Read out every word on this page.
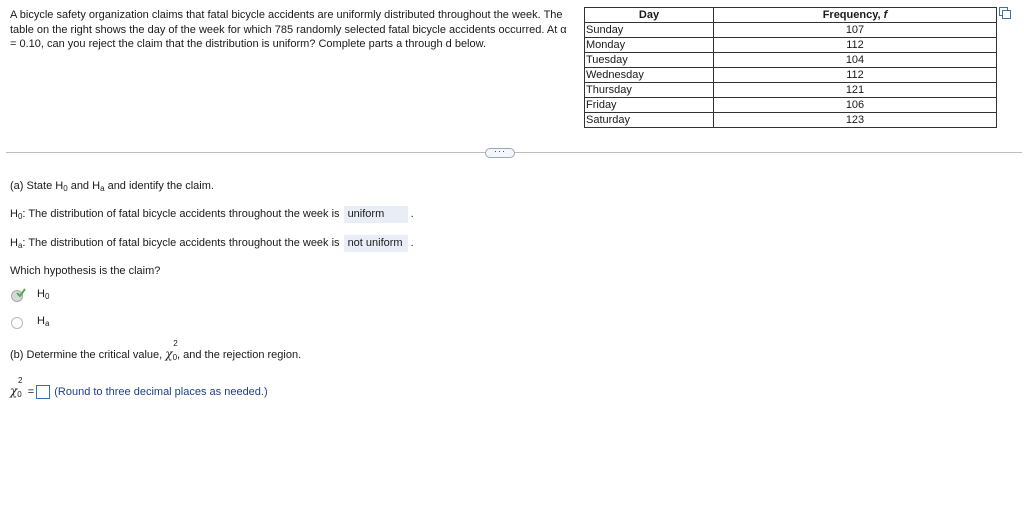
A bicycle safety organization claims that fatal bicycle accidents are uniformly distributed throughout the week. The table on the right shows the day of the week for which 785 randomly selected fatal bicycle accidents occurred. At α = 0.10, can you reject the claim that the distribution is uniform? Complete parts a through d below.
Day	Frequency, f
Sunday	107
Monday	112
Tuesday	104
Wednesday	112
Thursday	121
Friday	106
Saturday	123
···
(a) State $H_0$ and $H_a$ and identify the claim.
$H_0$: The distribution of fatal bicycle accidents throughout the week is uniform .
$H_a$: The distribution of fatal bicycle accidents throughout the week is not uniform .
Which hypothesis is the claim?
$H_0$
$H_a$
(b) Determine the critical value, $\chi_0$
2
, and the rejection region.
$\chi_0$
2
= (Round to three decimal places as needed.)
